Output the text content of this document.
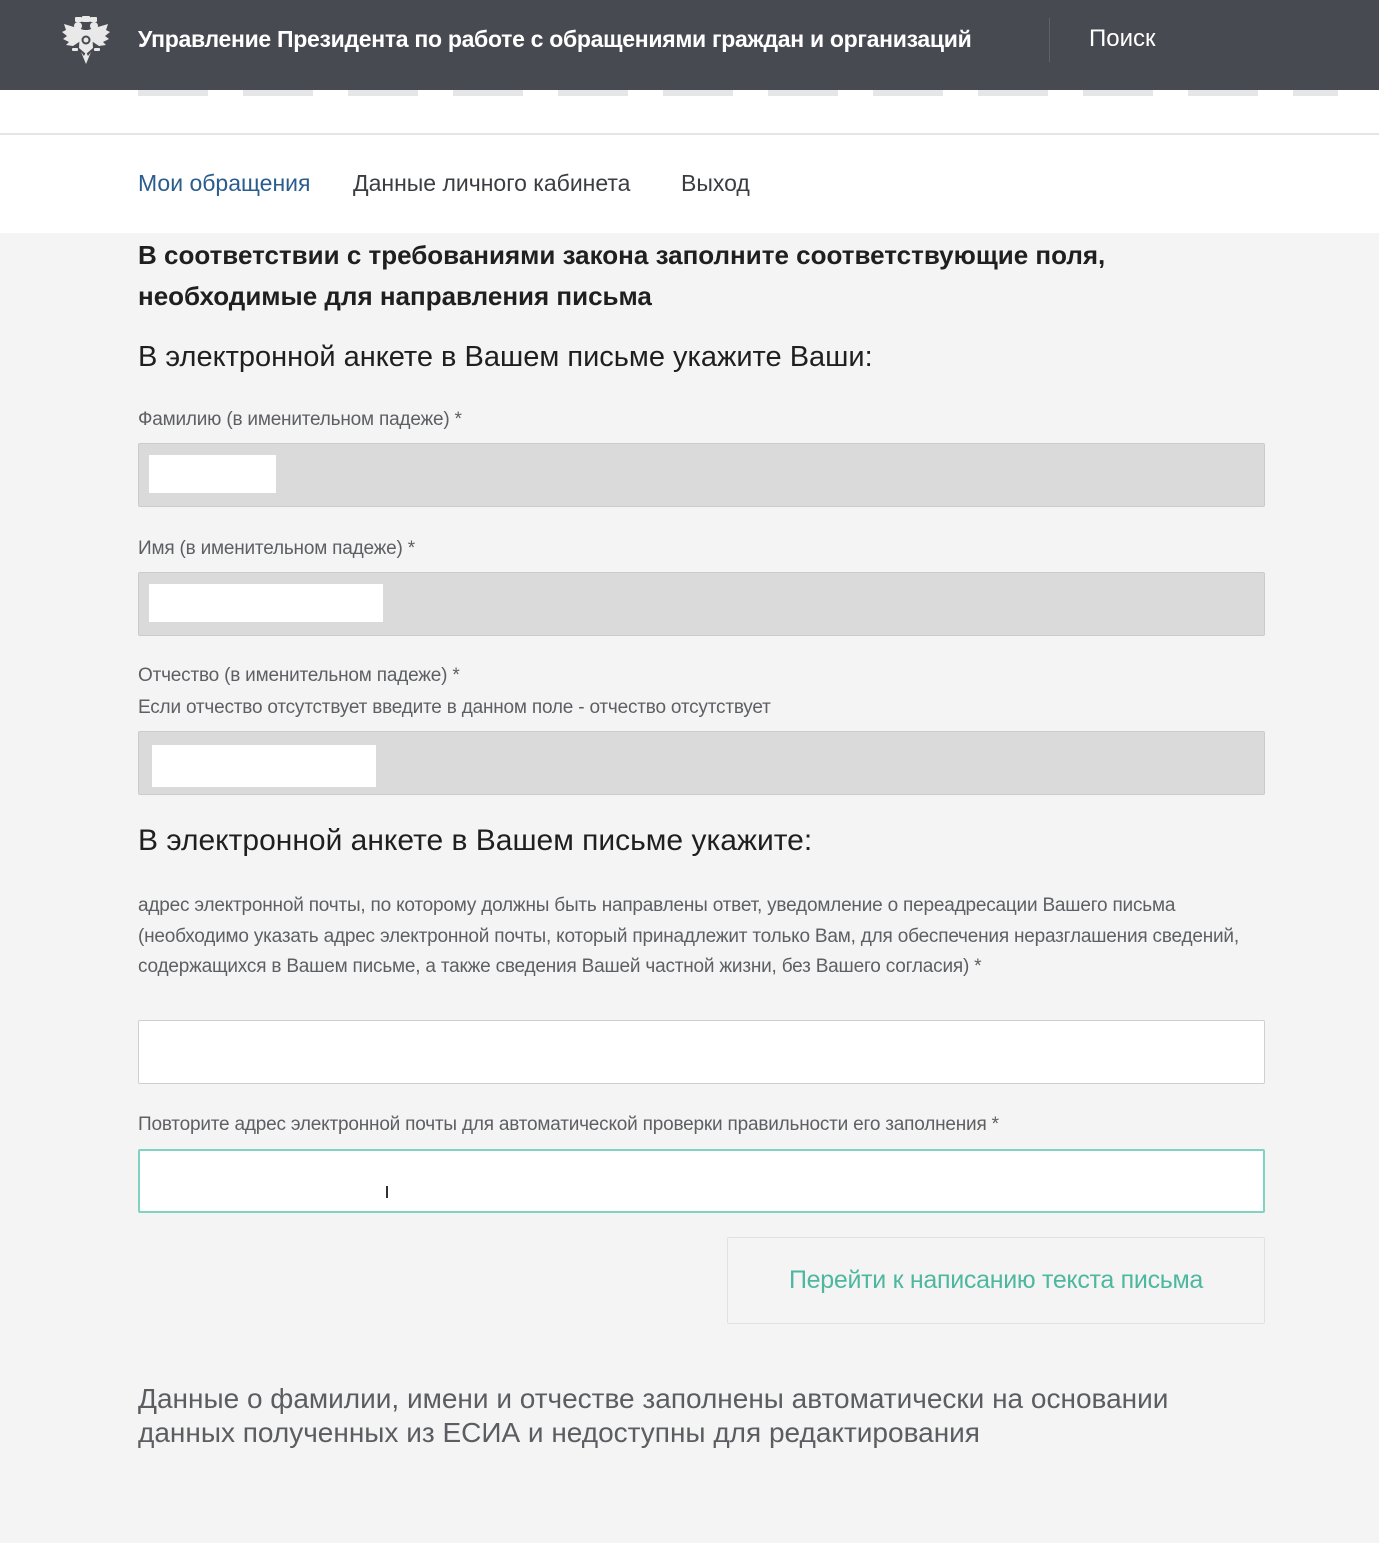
Управление Президента по работе с обращениями граждан и организаций	Поиск
Мои обращения Данные личного кабинета Выход
В соответствии с требованиями закона заполните соответствующие поля, необходимые для направления письма
В электронной анкете в Вашем письме укажите Ваши:
Фамилию (в именительном падеже) *
Имя (в именительном падеже) *
Отчество (в именительном падеже) *
Если отчество отсутствует введите в данном поле - отчество отсутствует
В электронной анкете в Вашем письме укажите:
адрес электронной почты, по которому должны быть направлены ответ, уведомление о переадресации Вашего письма (необходимо указать адрес электронной почты, который принадлежит только Вам, для обеспечения неразглашения сведений, содержащихся в Вашем письме, а также сведения Вашей частной жизни, без Вашего согласия) *
Повторите адрес электронной почты для автоматической проверки правильности его заполнения *
Перейти к написанию текста письма
Данные о фамилии, имени и отчестве заполнены автоматически на основании данных полученных из ЕСИА и недоступны для редактирования
